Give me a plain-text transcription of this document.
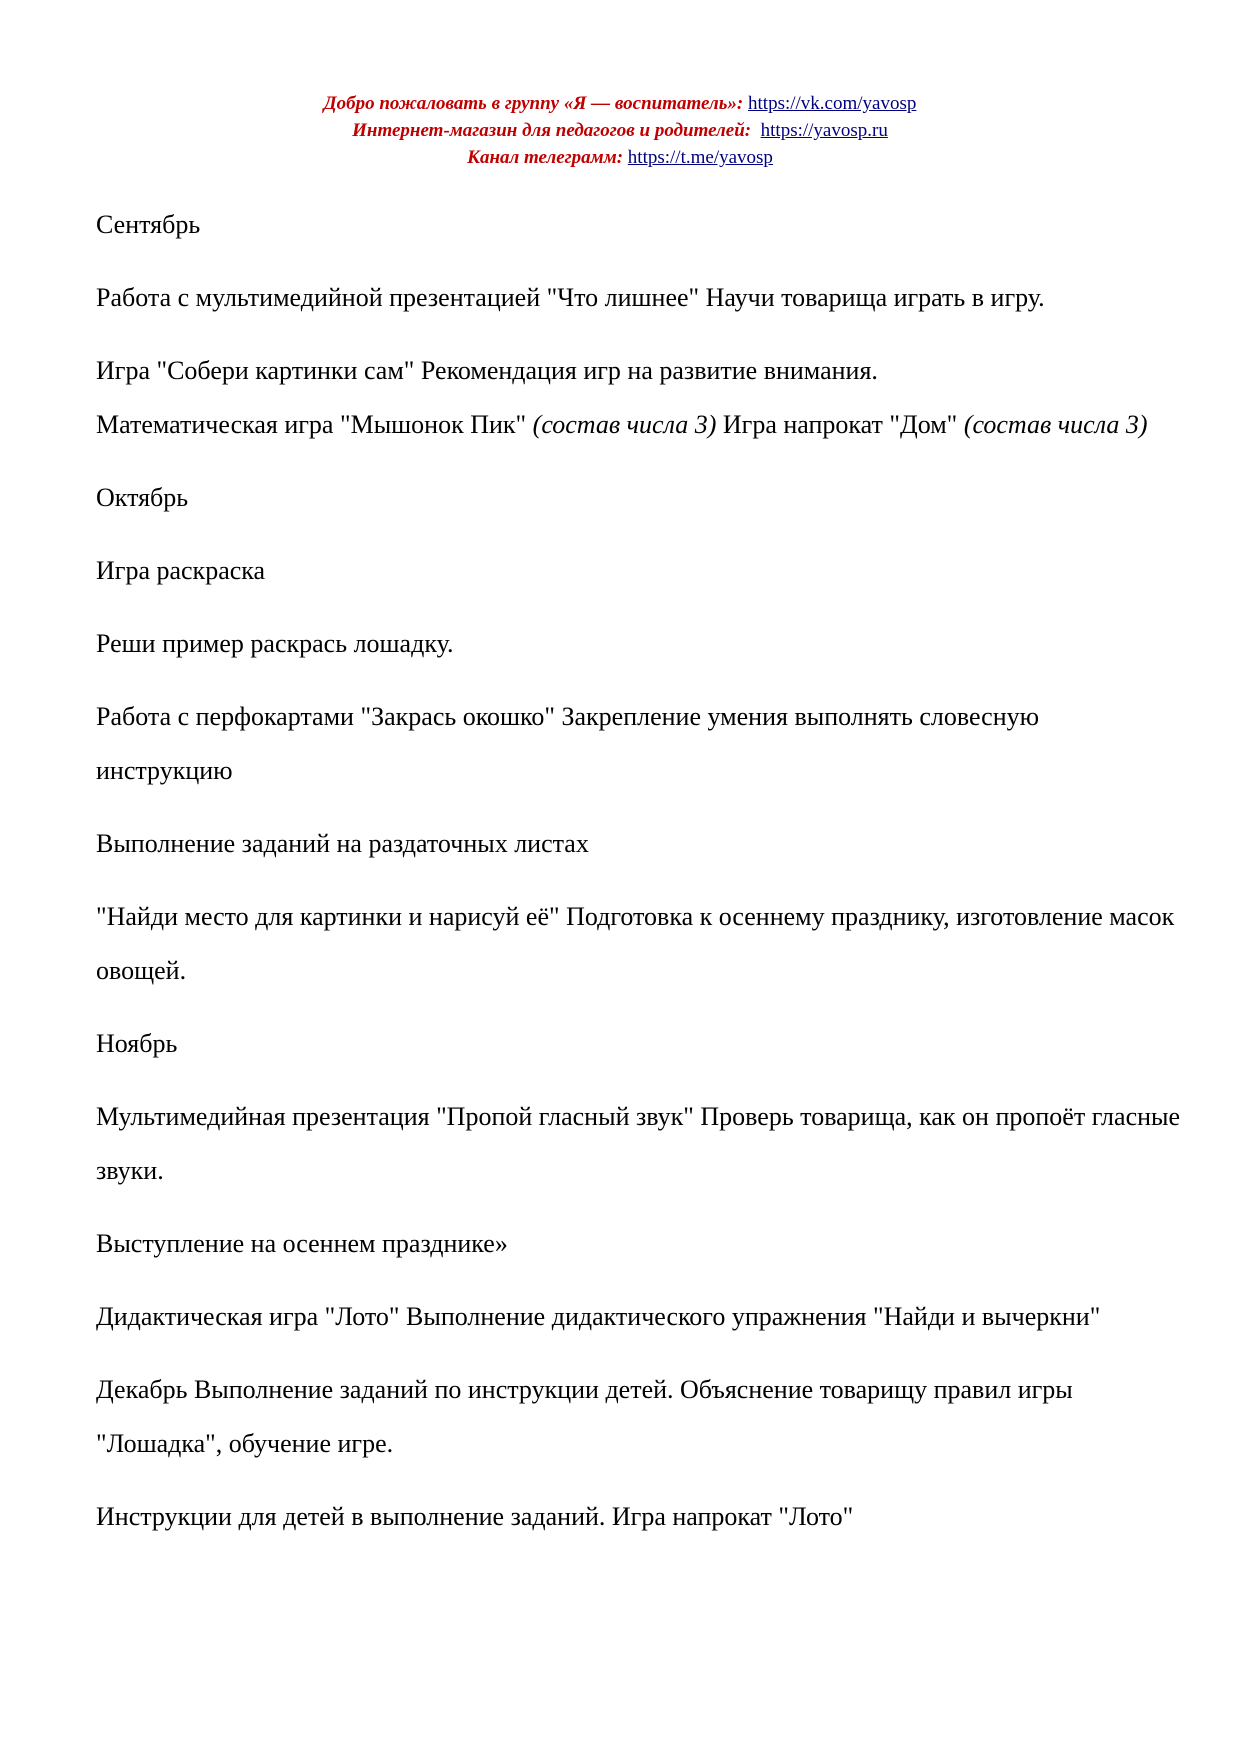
Добро пожаловать в группу «Я — воспитатель»: https://vk.com/yavosp

Интернет-магазин для педагогов и родителей: https://yavosp.ru

Канал телеграмм: https://t.me/yavosp

Сентябрь

Работа с мультимедийной презентацией "Что лишнее" Научи товарища играть в игру.

Игра "Собери картинки сам" Рекомендация игр на развитие внимания.

Математическая игра "Мышонок Пик" (состав числа 3) Игра напрокат "Дом" (состав числа 3)

Октябрь

Игра раскраска

Реши пример раскрась лошадку.

Работа с перфокартами "Закрась окошко" Закрепление умения выполнять словесную инструкцию

Выполнение заданий на раздаточных листах

"Найди место для картинки и нарисуй её" Подготовка к осеннему празднику, изготовление масок овощей.

Ноябрь

Мультимедийная презентация "Пропой гласный звук" Проверь товарища, как он пропоёт гласные звуки.

Выступление на осеннем празднике»

Дидактическая игра "Лото" Выполнение дидактического упражнения "Найди и вычеркни"

Декабрь Выполнение заданий по инструкции детей. Объяснение товарищу правил игры "Лошадка", обучение игре.

Инструкции для детей в выполнение заданий. Игра напрокат "Лото"
